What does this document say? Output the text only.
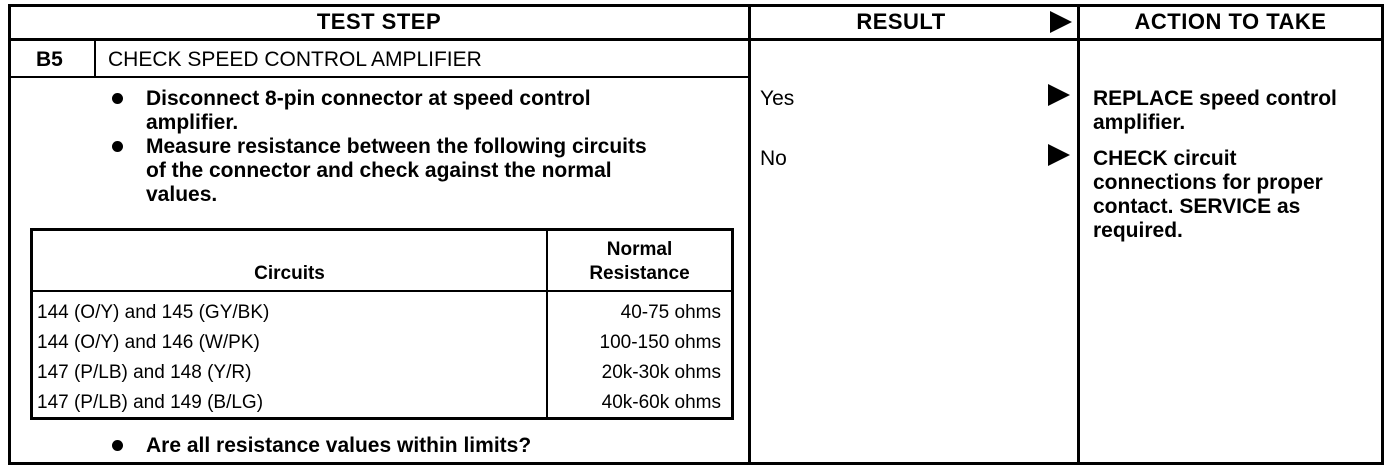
TEST STEP	RESULT	ACTION TO TAKE
B5 CHECK SPEED CONTROL AMPLIFIER
Disconnect 8-pin connector at speed control
amplifier.
Measure resistance between the following circuits
of the connector and check against the normal
values.
Circuits
Normal
Resistance
144 (O/Y) and 145 (GY/BK)	40-75 ohms
144 (O/Y) and 146 (W/PK)	100-150 ohms
147 (P/LB) and 148 (Y/R)	20k-30k ohms
147 (P/LB) and 149 (B/LG)	40k-60k ohms
Are all resistance values within limits?
Yes	REPLACE speed control
amplifier.
No	CHECK circuit
connections for proper
contact. SERVICE as
required.
